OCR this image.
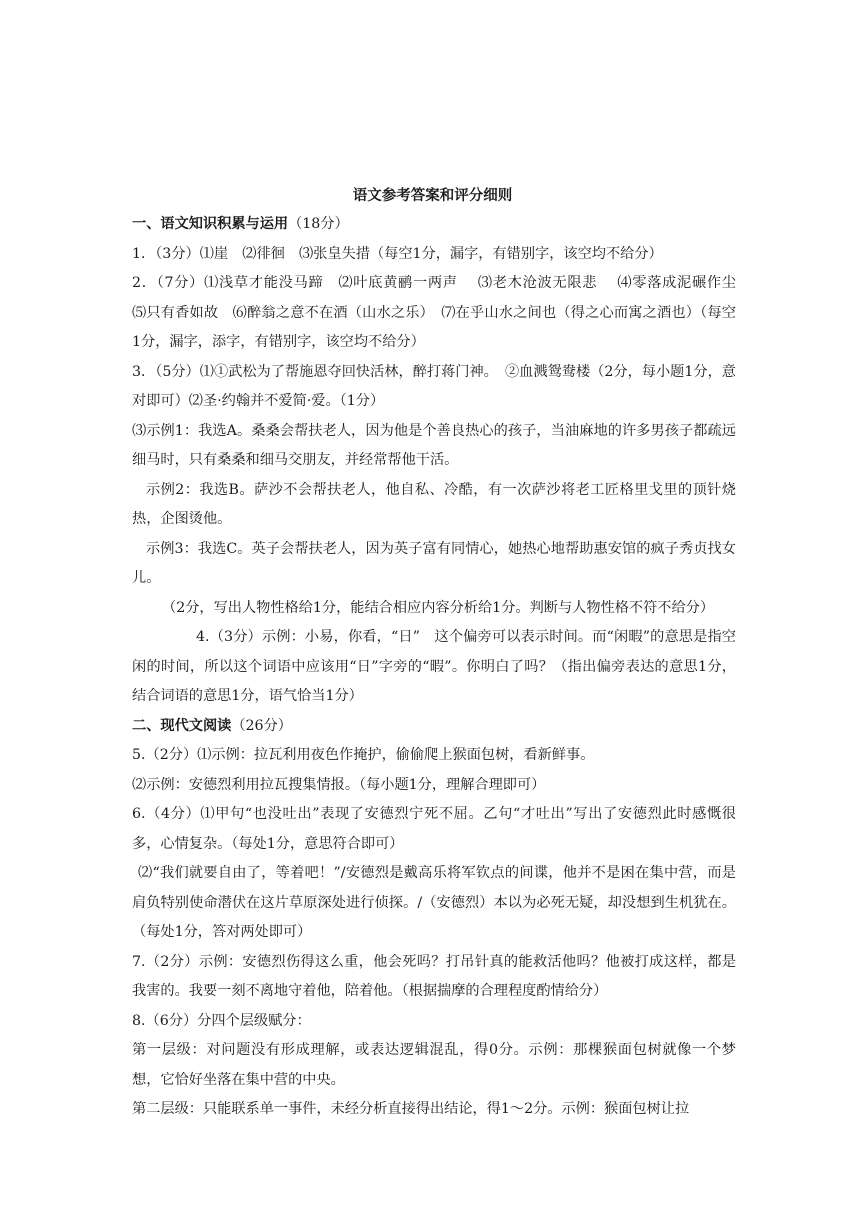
语文参考答案和评分细则

一、语文知识积累与运用（18分）

1．（3分）⑴崖　⑵徘徊　⑶张皇失措（每空1分，漏字，有错别字，该空均不给分）

2．（7分）⑴浅草才能没马蹄　⑵叶底黄鹂一两声　 ⑶老木沧波无限悲　 ⑷零落成泥碾作尘　 ⑸只有香如故　⑹醉翁之意不在酒（山水之乐）　⑺在乎山水之间也（得之心而寓之酒也）（每空1分，漏字，添字，有错别字，该空均不给分）

3．（5分）⑴①武松为了帮施恩夺回快活林，醉打蒋门神。　②血溅鸳鸯楼（2分，每小题1分，意对即可）⑵圣·约翰并不爱简·爱。（1分）

⑶示例1：我选A。桑桑会帮扶老人，因为他是个善良热心的孩子，当油麻地的许多男孩子都疏远细马时，只有桑桑和细马交朋友，并经常帮他干活。

示例2：我选B。萨沙不会帮扶老人，他自私、冷酷，有一次萨沙将老工匠格里戈里的顶针烧热，企图烫他。

示例3：我选C。英子会帮扶老人，因为英子富有同情心，她热心地帮助惠安馆的疯子秀贞找女儿。

（2分，写出人物性格给1分，能结合相应内容分析给1分。判断与人物性格不符不给分）

4.（3分）示例：小易，你看，“日”　这个偏旁可以表示时间。而“闲暇”的意思是指空闲的时间，所以这个词语中应该用“日”字旁的“暇”。你明白了吗？（指出偏旁表达的意思1分，结合词语的意思1分，语气恰当1分）

二、现代文阅读（26分）

5.（2分）⑴示例：拉瓦利用夜色作掩护，偷偷爬上猴面包树，看新鲜事。

⑵示例：安德烈利用拉瓦搜集情报。（每小题1分，理解合理即可）

6.（4分）⑴甲句“也没吐出”表现了安德烈宁死不屈。乙句“才吐出”写出了安德烈此时感慨很多，心情复杂。（每处1分，意思符合即可）

⑵“我们就要自由了，等着吧！”/安德烈是戴高乐将军钦点的间谍，他并不是困在集中营，而是肩负特别使命潜伏在这片草原深处进行侦探。/（安德烈）本以为必死无疑，却没想到生机犹在。（每处1分，答对两处即可）

7.（2分）示例：安德烈伤得这么重，他会死吗？打吊针真的能救活他吗？他被打成这样，都是我害的。我要一刻不离地守着他，陪着他。（根据揣摩的合理程度酌情给分）

8.（6分）分四个层级赋分：

第一层级：对问题没有形成理解，或表达逻辑混乱，得0分。示例：那棵猴面包树就像一个梦想，它恰好坐落在集中营的中央。

第二层级：只能联系单一事件，未经分析直接得出结论，得1～2分。示例：猴面包树让拉
